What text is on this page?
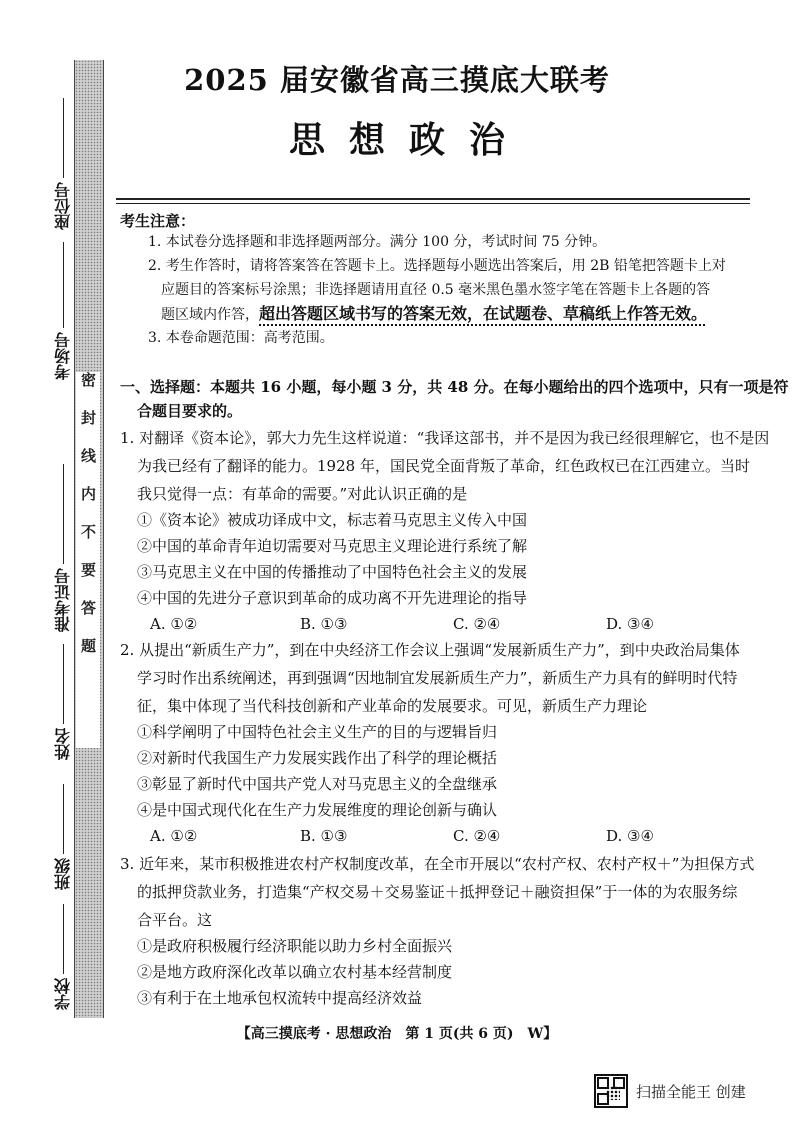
密封线内不要答题
座位号
考场号
准考证号
姓名
班级
学校
2025 届安徽省高三摸底大联考
思想政治
考生注意：
1. 本试卷分选择题和非选择题两部分。满分 100 分，考试时间 75 分钟。
2. 考生作答时，请将答案答在答题卡上。选择题每小题选出答案后，用 2B 铅笔把答题卡上对
应题目的答案标号涂黑；非选择题请用直径 0.5 毫米黑色墨水签字笔在答题卡上各题的答
题区域内作答，超出答题区域书写的答案无效，在试题卷、草稿纸上作答无效。
3. 本卷命题范围：高考范围。
一、选择题：本题共 16 小题，每小题 3 分，共 48 分。在每小题给出的四个选项中，只有一项是符
合题目要求的。
1. 对翻译《资本论》，郭大力先生这样说道：“我译这部书，并不是因为我已经很理解它，也不是因
为我已经有了翻译的能力。1928 年，国民党全面背叛了革命，红色政权已在江西建立。当时
我只觉得一点：有革命的需要。”对此认识正确的是
①《资本论》被成功译成中文，标志着马克思主义传入中国
②中国的革命青年迫切需要对马克思主义理论进行系统了解
③马克思主义在中国的传播推动了中国特色社会主义的发展
④中国的先进分子意识到革命的成功离不开先进理论的指导
A. ①②	B. ①③	C. ②④	D. ③④
2. 从提出“新质生产力”，到在中央经济工作会议上强调“发展新质生产力”，到中央政治局集体
学习时作出系统阐述，再到强调“因地制宜发展新质生产力”，新质生产力具有的鲜明时代特
征，集中体现了当代科技创新和产业革命的发展要求。可见，新质生产力理论
①科学阐明了中国特色社会主义生产的目的与逻辑旨归
②对新时代我国生产力发展实践作出了科学的理论概括
③彰显了新时代中国共产党人对马克思主义的全盘继承
④是中国式现代化在生产力发展维度的理论创新与确认
A. ①②	B. ①③	C. ②④	D. ③④
3. 近年来，某市积极推进农村产权制度改革，在全市开展以“农村产权、农村产权＋”为担保方式
的抵押贷款业务，打造集“产权交易＋交易鉴证＋抵押登记＋融资担保”于一体的为农服务综
合平台。这
①是政府积极履行经济职能以助力乡村全面振兴
②是地方政府深化改革以确立农村基本经营制度
③有利于在土地承包权流转中提高经济效益
【高三摸底考 · 思想政治　第 1 页(共 6 页)　W】
扫描全能王 创建
